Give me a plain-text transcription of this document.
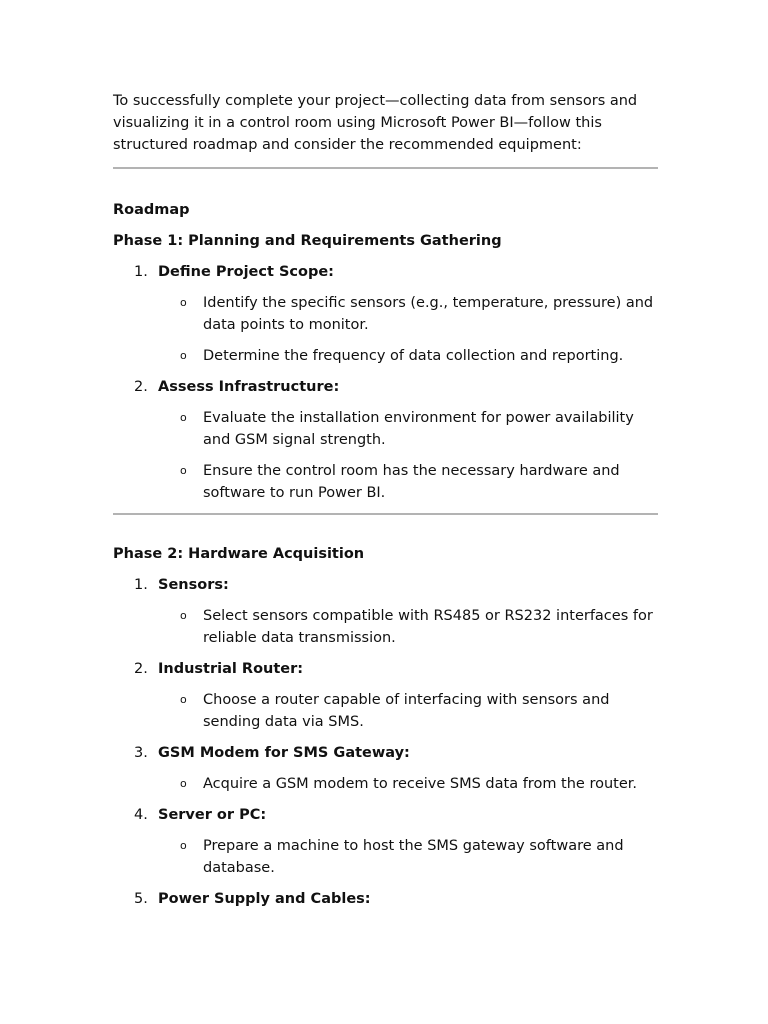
To successfully complete your project—collecting data from sensors and visualizing it in a control room using Microsoft Power BI—follow this structured roadmap and consider the recommended equipment:

Roadmap
Phase 1: Planning and Requirements Gathering
1. Define Project Scope:
o Identify the specific sensors (e.g., temperature, pressure) and data points to monitor.
o Determine the frequency of data collection and reporting.
2. Assess Infrastructure:
o Evaluate the installation environment for power availability and GSM signal strength.
o Ensure the control room has the necessary hardware and software to run Power BI.
Phase 2: Hardware Acquisition
1. Sensors:
o Select sensors compatible with RS485 or RS232 interfaces for reliable data transmission.
2. Industrial Router:
o Choose a router capable of interfacing with sensors and sending data via SMS.
3. GSM Modem for SMS Gateway:
o Acquire a GSM modem to receive SMS data from the router.
4. Server or PC:
o Prepare a machine to host the SMS gateway software and database.
5. Power Supply and Cables:
